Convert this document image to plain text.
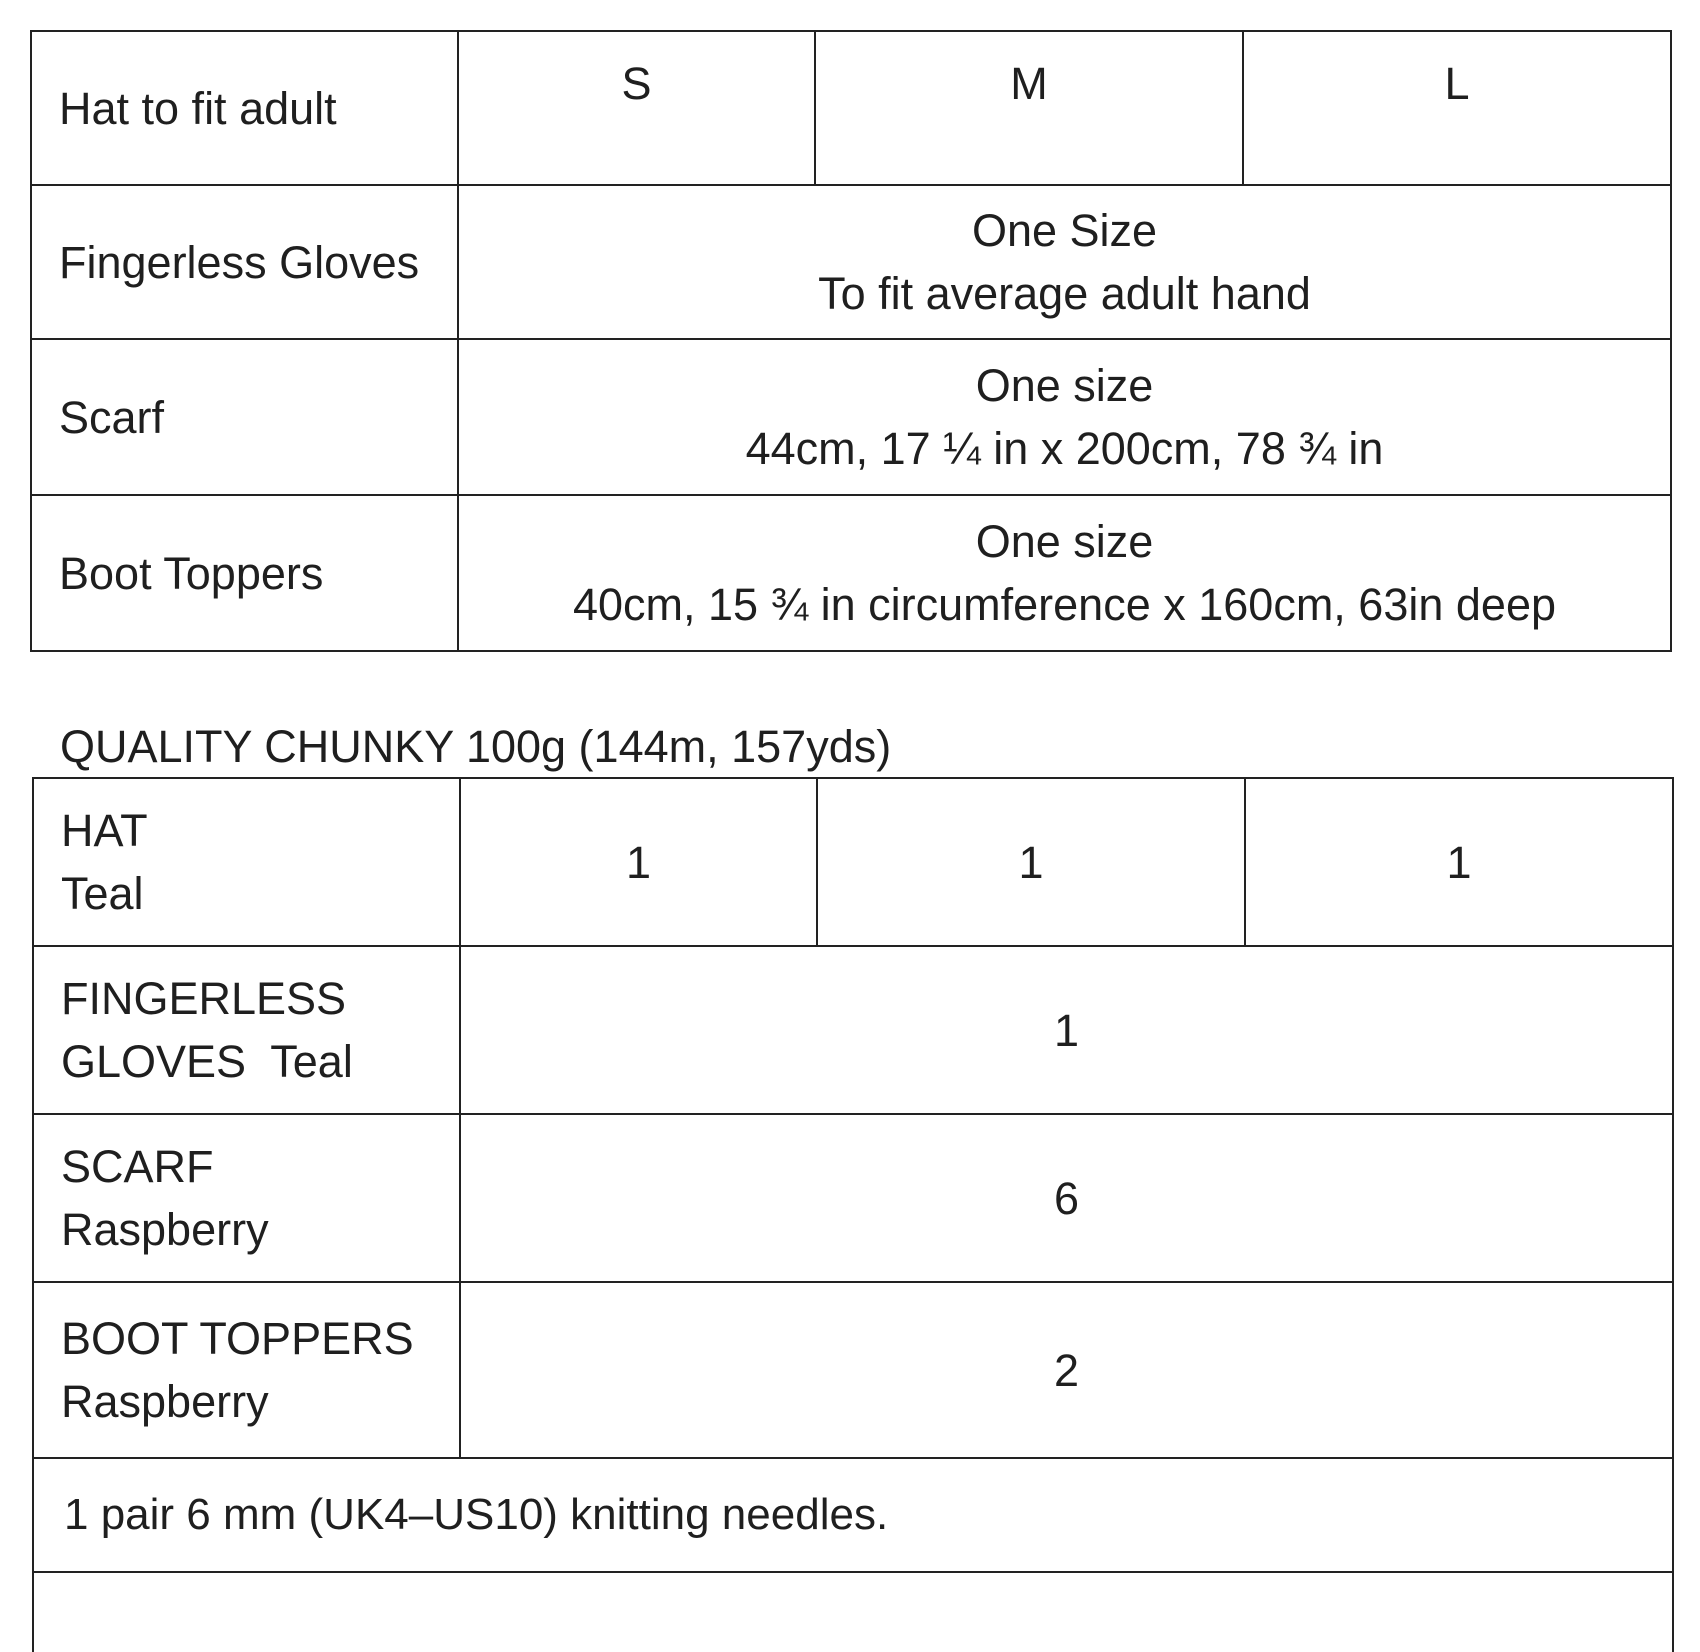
Hat to fit adult	S	M	L
Fingerless Gloves	One Size
To fit average adult hand		

Scarf	One size
44cm, 17 ¼ in x 200cm, 78 ¾ in		

Boot Toppers	One size
40cm, 15 ¾ in circumference x 160cm, 63in deep		
QUALITY CHUNKY 100g (144m, 157yds)
HAT
Teal	1	1	1

FINGERLESS
GLOVES  Teal	1		

SCARF
Raspberry	6		

BOOT TOPPERS
Raspberry	2		
1 pair 6 mm (UK4–US10) knitting needles.			
